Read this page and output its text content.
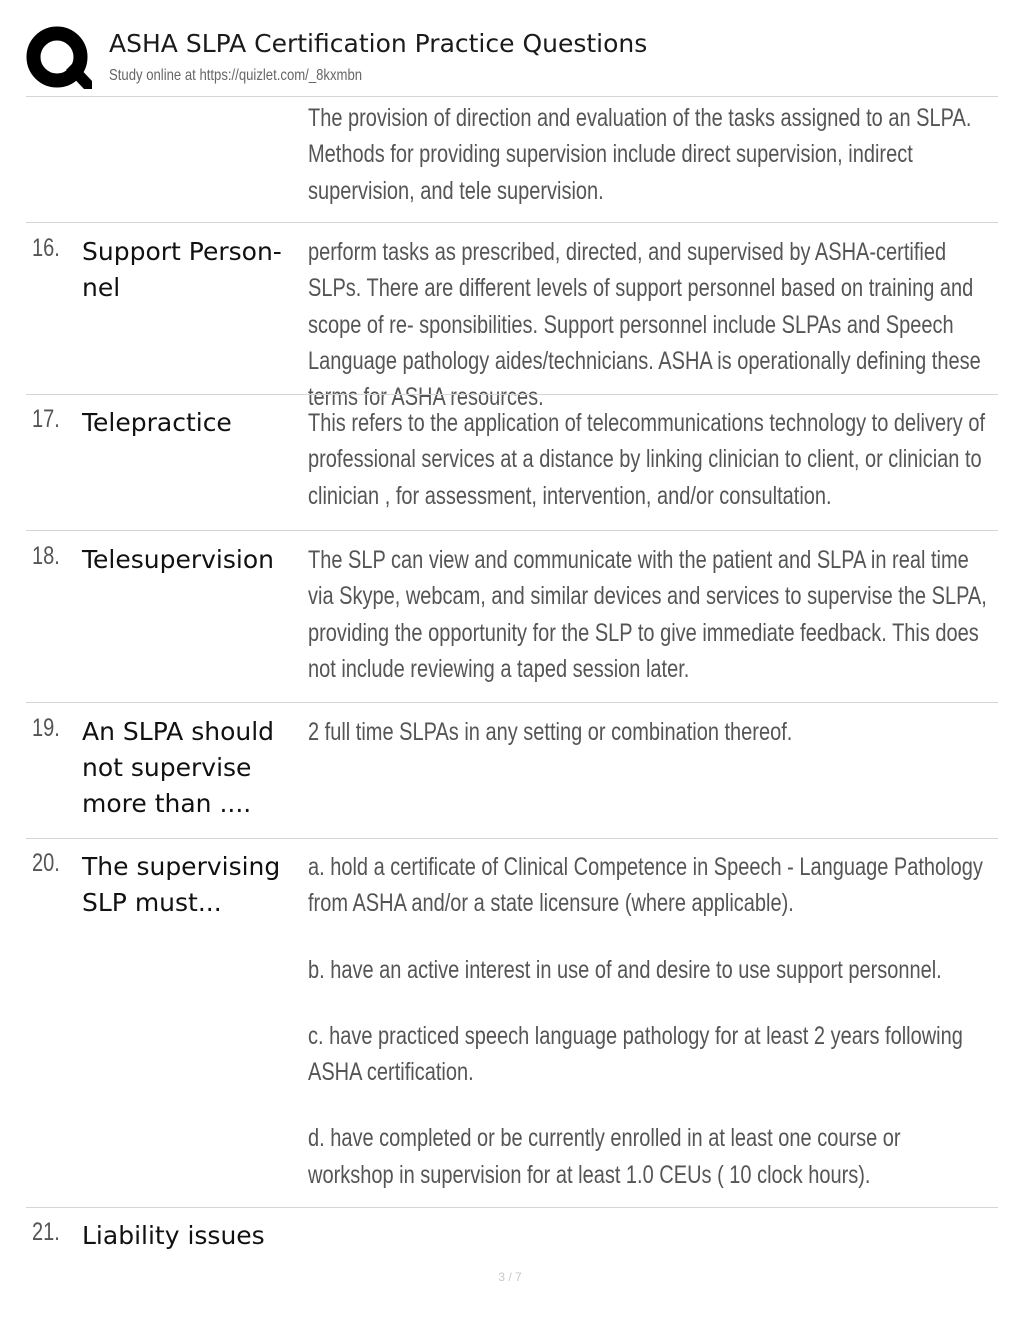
ASHA SLPA Certification Practice Questions
Study online at https://quizlet.com/_8kxmbn

The provision of direction and evaluation of the tasks assigned to an SLPA. Methods for providing supervision include direct supervision, indirect supervision, and tele supervision.

16. Support Person- nel

perform tasks as prescribed, directed, and supervised by ASHA-certified SLPs. There are different levels of support personnel based on training and scope of re- sponsibilities. Support personnel include SLPAs and Speech Language pathology aides/technicians. ASHA is operationally defining these terms for ASHA resources.

17. Telepractice	This refers to the application of telecommunications technology to delivery of professional services at a distance by linking clinician to client, or clinician to clinician , for assessment, intervention, and/or consultation.

18. Telesupervision	The SLP can view and communicate with the patient and SLPA in real time via Skype, webcam, and similar devices and services to supervise the SLPA, providing the opportunity for the SLP to give immediate feedback. This does not include reviewing a taped session later.

19. An SLPA should not supervise more than ....

2 full time SLPAs in any setting or combination thereof.

20. The supervising SLP must...

a. hold a certificate of Clinical Competence in Speech - Language Pathology from ASHA and/or a state licensure (where applicable).

b. have an active interest in use of and desire to use support personnel.

c. have practiced speech language pathology for at least 2 years following ASHA certification.

d. have completed or be currently enrolled in at least one course or workshop in supervision for at least 1.0 CEUs ( 10 clock hours).

21. Liability issues
3 / 7
